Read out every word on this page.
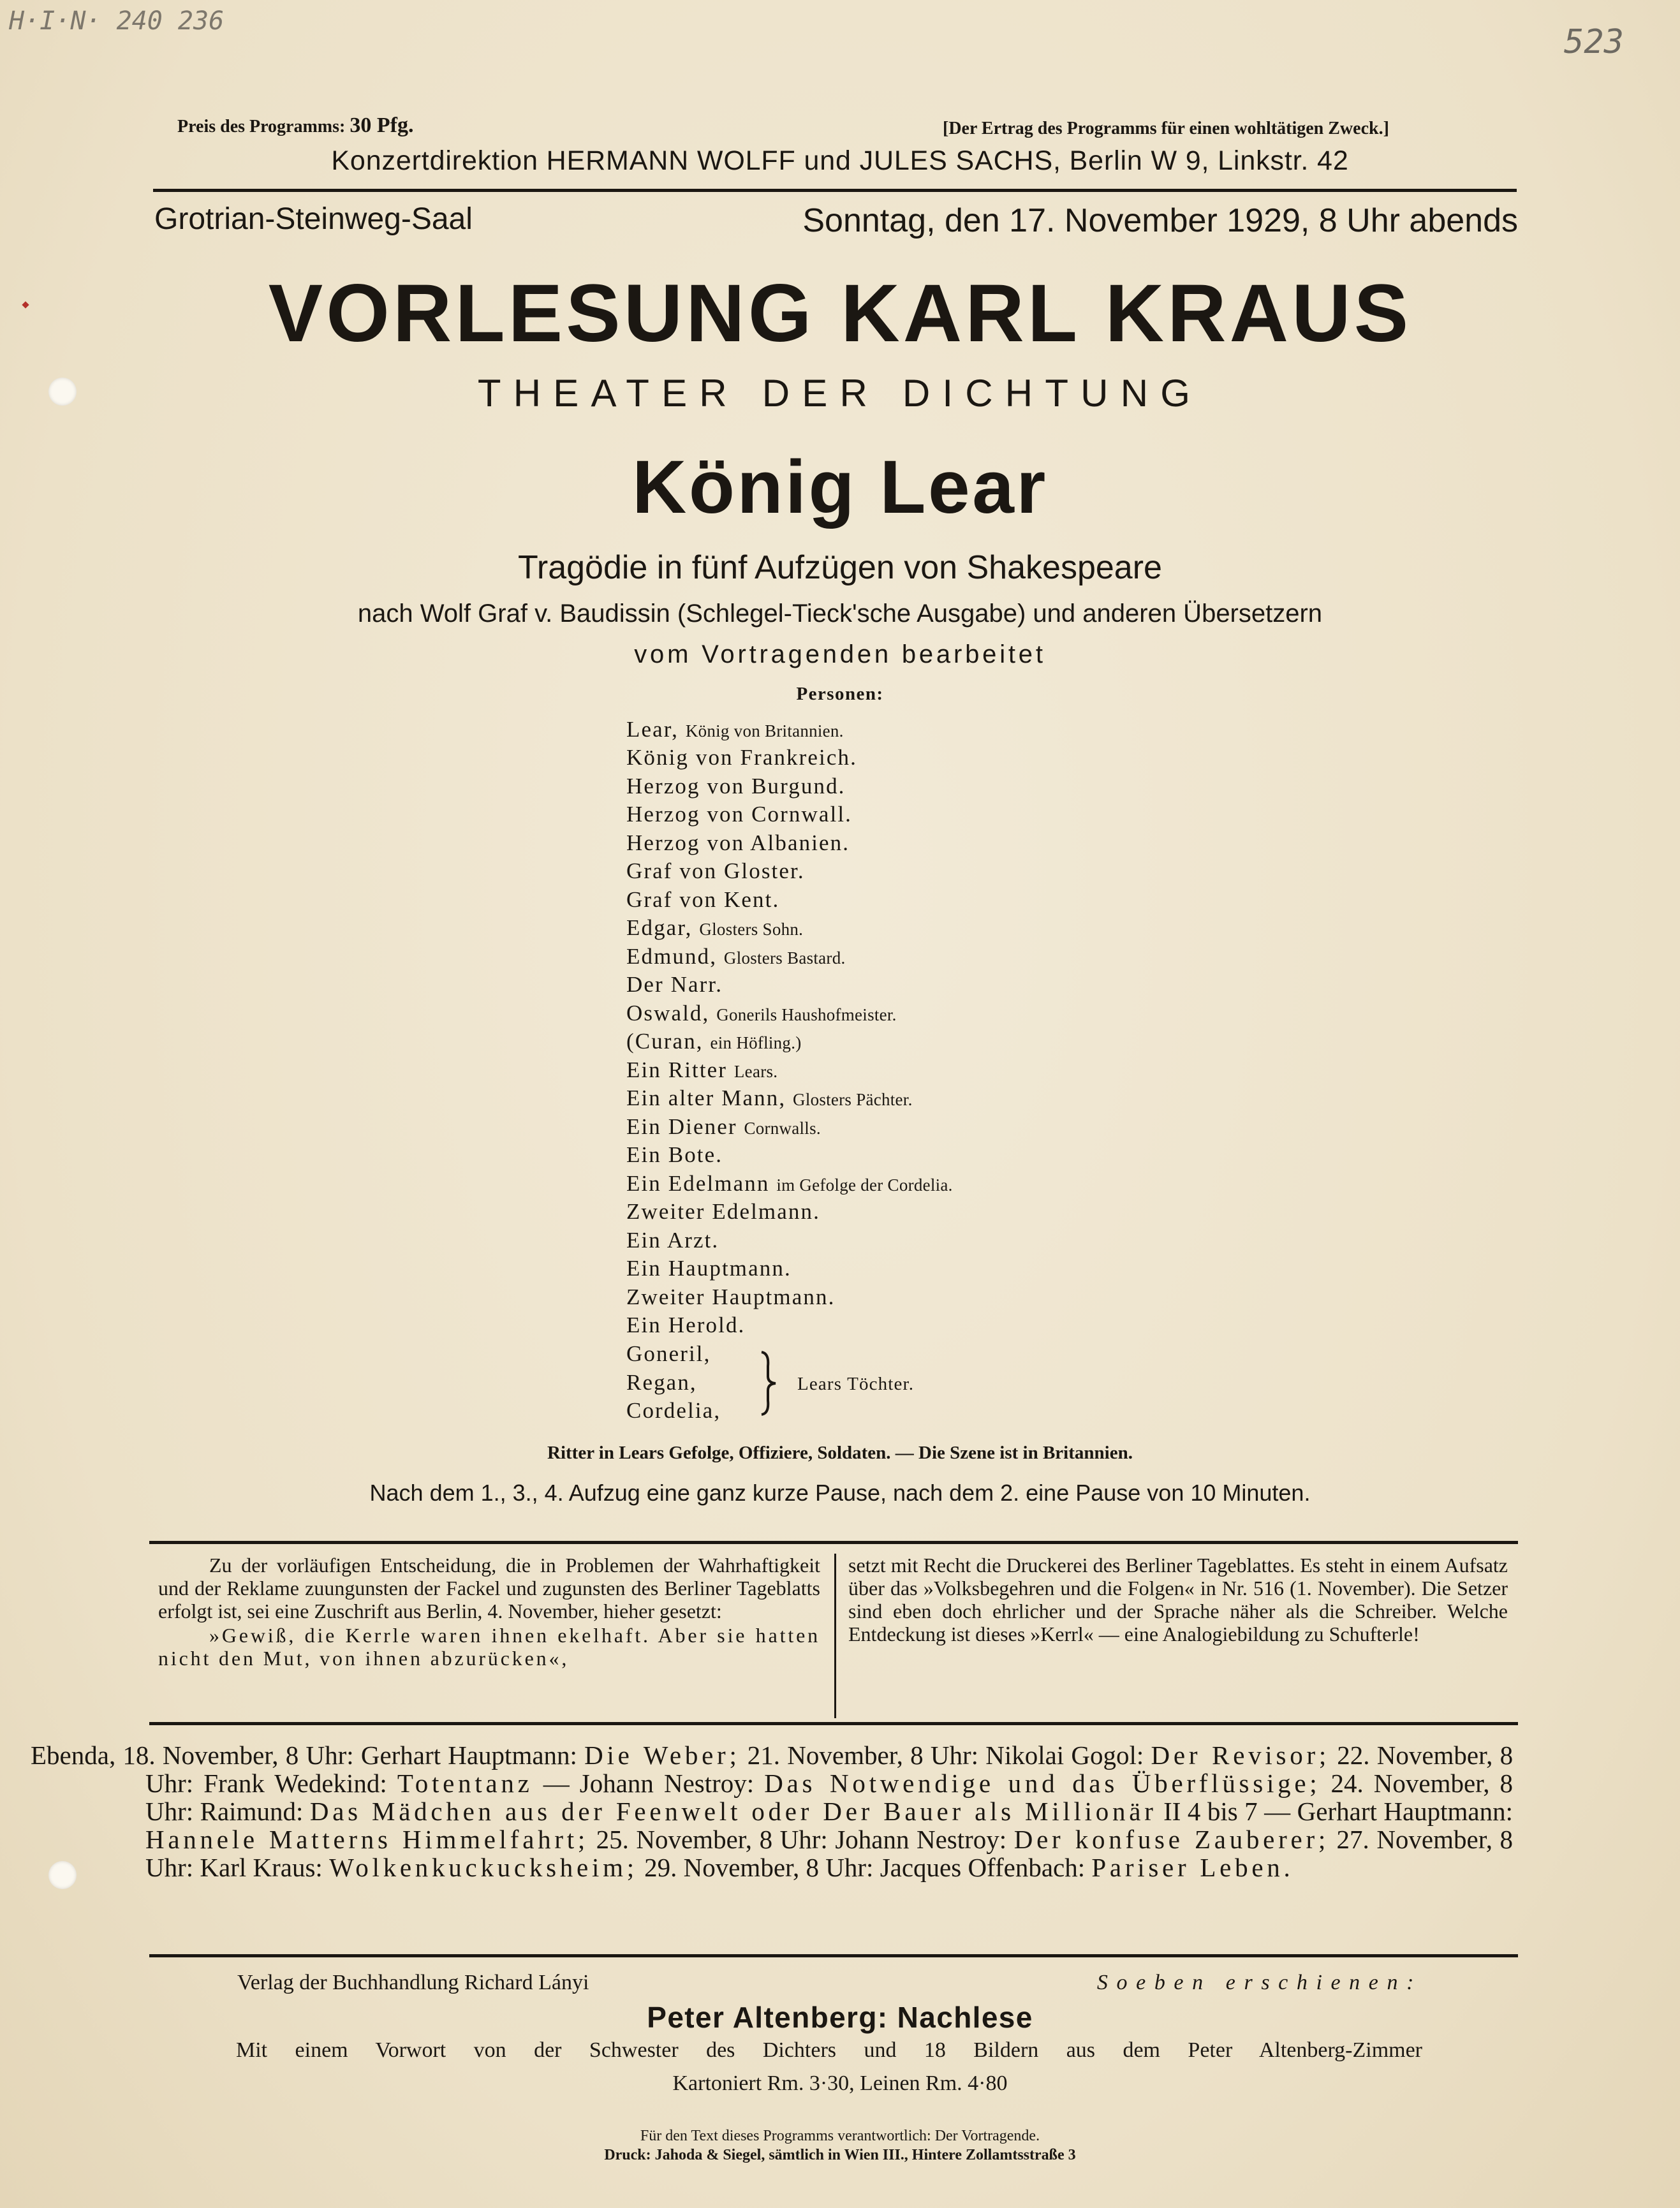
H·I·N· 240 236
523
Preis des Programms: 30 Pfg.	[Der Ertrag des Programms für einen wohltätigen Zweck.]
Konzertdirektion HERMANN WOLFF und JULES SACHS, Berlin W 9, Linkstr. 42
Grotrian-Steinweg-Saal	Sonntag, den 17. November 1929, 8 Uhr abends
VORLESUNG KARL KRAUS
THEATER DER DICHTUNG
König Lear
Tragödie in fünf Aufzügen von Shakespeare
nach Wolf Graf v. Baudissin (Schlegel-Tieck'sche Ausgabe) und anderen Übersetzern
vom Vortragenden bearbeitet
Personen:
Lear, König von Britannien.
König von Frankreich.
Herzog von Burgund.
Herzog von Cornwall.
Herzog von Albanien.
Graf von Gloster.
Graf von Kent.
Edgar, Glosters Sohn.
Edmund, Glosters Bastard.
Der Narr.
Oswald, Gonerils Haushofmeister.
(Curan, ein Höfling.)
Ein Ritter Lears.
Ein alter Mann, Glosters Pächter.
Ein Diener Cornwalls.
Ein Bote.
Ein Edelmann im Gefolge der Cordelia.
Zweiter Edelmann.
Ein Arzt.
Ein Hauptmann.
Zweiter Hauptmann.
Ein Herold.
Goneril,
Regan,
Cordelia,
Lears Töchter.
Ritter in Lears Gefolge, Offiziere, Soldaten. — Die Szene ist in Britannien.
Nach dem 1., 3., 4. Aufzug eine ganz kurze Pause, nach dem 2. eine Pause von 10 Minuten.

Zu der vorläufigen Entscheidung, die in Problemen der Wahrhaftigkeit und der Reklame zuungunsten der Fackel und zugunsten des Berliner Tageblatts erfolgt ist, sei eine Zuschrift aus Berlin, 4. November, hieher gesetzt:

»Gewiß, die Kerrle waren ihnen ekelhaft. Aber sie hatten nicht den Mut, von ihnen abzurücken«,

setzt mit Recht die Druckerei des Berliner Tageblattes. Es steht in einem Aufsatz über das »Volksbegehren und die Folgen« in Nr. 516 (1. November). Die Setzer sind eben doch ehrlicher und der Sprache näher als die Schreiber. Welche Entdeckung ist dieses »Kerrl« — eine Analogiebildung zu Schufterle!

Ebenda, 18. November, 8 Uhr: Gerhart Hauptmann: Die Weber; 21. November, 8 Uhr: Nikolai Gogol: Der Revisor; 22. November, 8 Uhr: Frank Wedekind: Totentanz — Johann Nestroy: Das Notwendige und das Überflüssige; 24. November, 8 Uhr: Raimund: Das Mädchen aus der Feenwelt oder Der Bauer als Millionär II 4 bis 7 — Gerhart Hauptmann: Hannele Matterns Himmelfahrt; 25. November, 8 Uhr: Johann Nestroy: Der konfuse Zauberer; 27. November, 8 Uhr: Karl Kraus: Wolkenkuckucksheim; 29. November, 8 Uhr: Jacques Offenbach: Pariser Leben.
Verlag der Buchhandlung Richard Lányi	Soeben erschienen:
Peter Altenberg: Nachlese
Mit einem Vorwort von der Schwester des Dichters und 18 Bildern aus dem Peter Altenberg-Zimmer
Kartoniert Rm. 3·30, Leinen Rm. 4·80
Für den Text dieses Programms verantwortlich: Der Vortragende.
Druck: Jahoda & Siegel, sämtlich in Wien III., Hintere Zollamtsstraße 3
